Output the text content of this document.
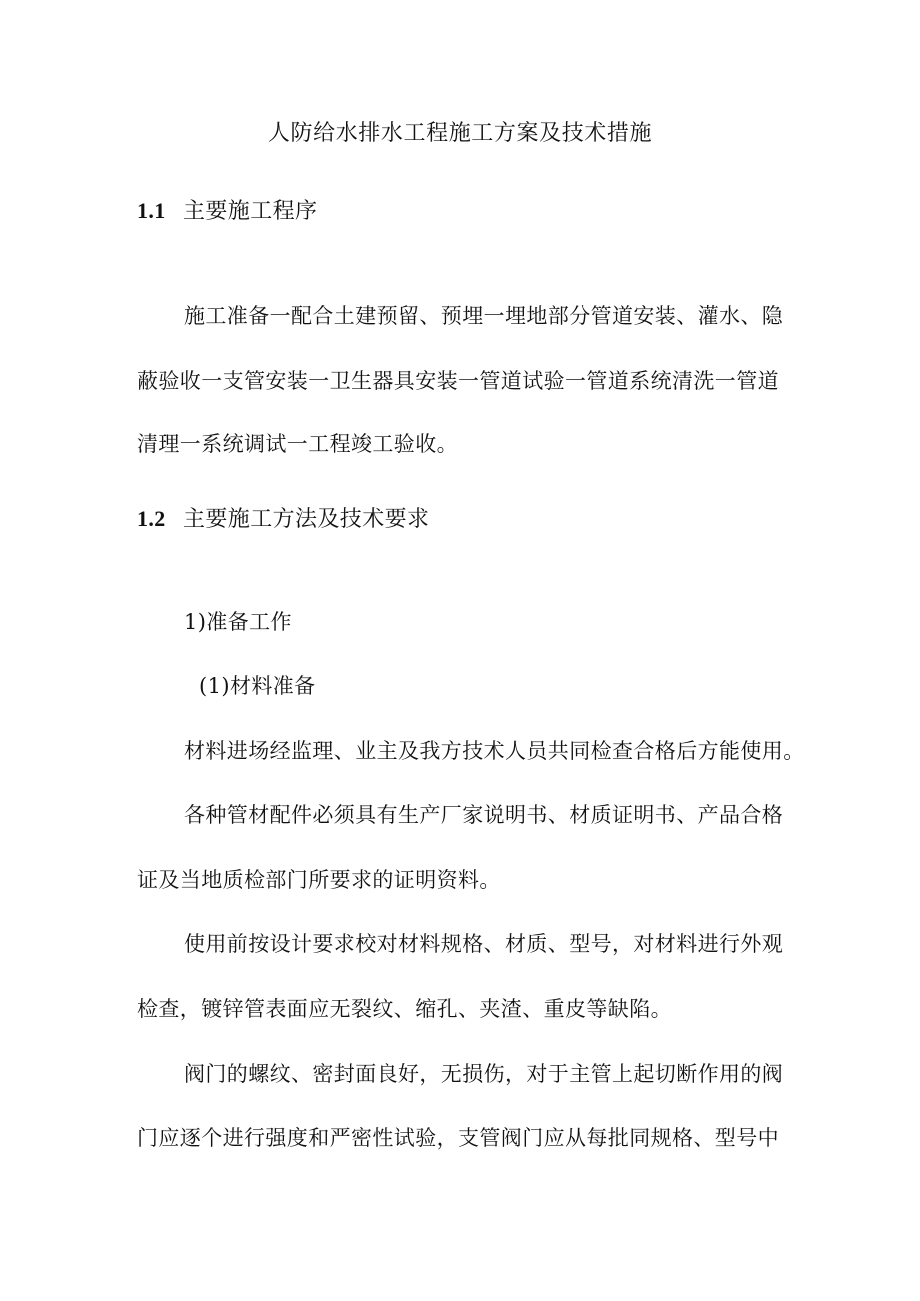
人防给水排水工程施工方案及技术措施
1.1 主要施工程序
施工准备一配合土建预留、预埋一埋地部分管道安装、灌水、隐
蔽验收一支管安装一卫生器具安装一管道试验一管道系统清洗一管道
清理一系统调试一工程竣工验收。
1.2 主要施工方法及技术要求
1)准备工作
(1)材料准备
材料进场经监理、业主及我方技术人员共同检查合格后方能使用。
各种管材配件必须具有生产厂家说明书、材质证明书、产品合格
证及当地质检部门所要求的证明资料。
使用前按设计要求校对材料规格、材质、型号，对材料进行外观
检查，镀锌管表面应无裂纹、缩孔、夹渣、重皮等缺陷。
阀门的螺纹、密封面良好，无损伤，对于主管上起切断作用的阀
门应逐个进行强度和严密性试验，支管阀门应从每批同规格、型号中
